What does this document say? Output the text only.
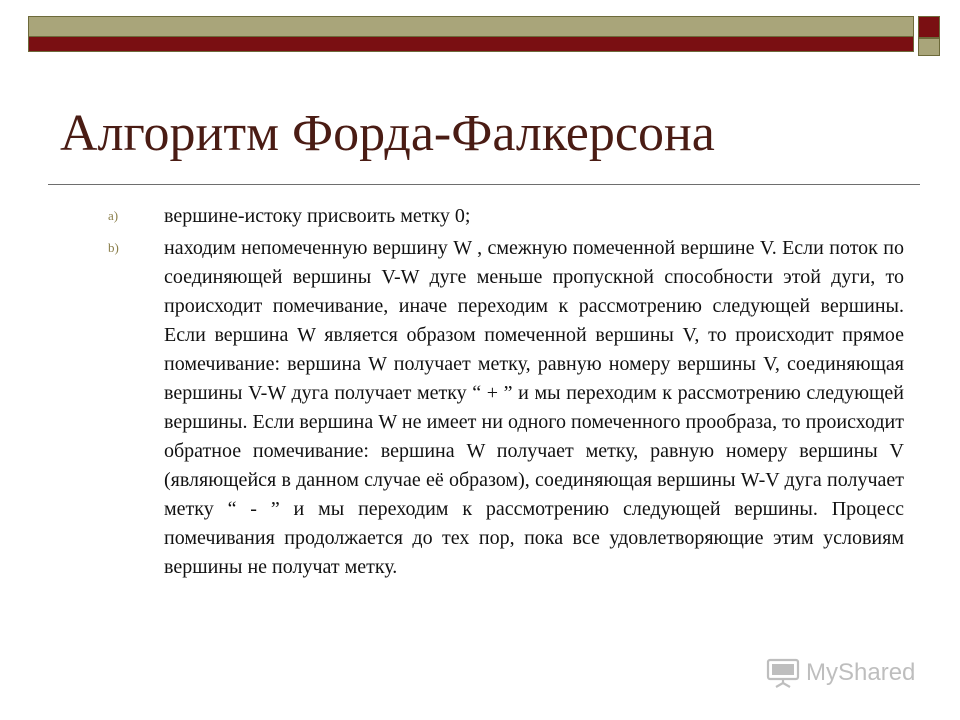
Алгоритм Форда-Фалкерсона
a) вершине-истоку присвоить метку 0;
b) находим непомеченную вершину W , смежную помеченной вершине V. Если поток по соединяющей вершины V-W дуге меньше пропускной способности этой дуги, то происходит помечивание, иначе переходим к рассмотрению следующей вершины. Если вершина W является образом помеченной вершины V, то происходит прямое помечивание: вершина W получает метку, равную номеру вершины V, соединяющая вершины V-W дуга получает метку “ + ” и мы переходим к рассмотрению следующей вершины. Если вершина W не имеет ни одного помеченного прообраза, то происходит обратное помечивание: вершина W получает метку, равную номеру вершины V (являющейся в данном случае её образом), соединяющая вершины W-V дуга получает метку “ - ” и мы переходим к рассмотрению следующей вершины. Процесс помечивания продолжается до тех пор, пока все удовлетворяющие этим условиям вершины не получат метку.
MyShared
